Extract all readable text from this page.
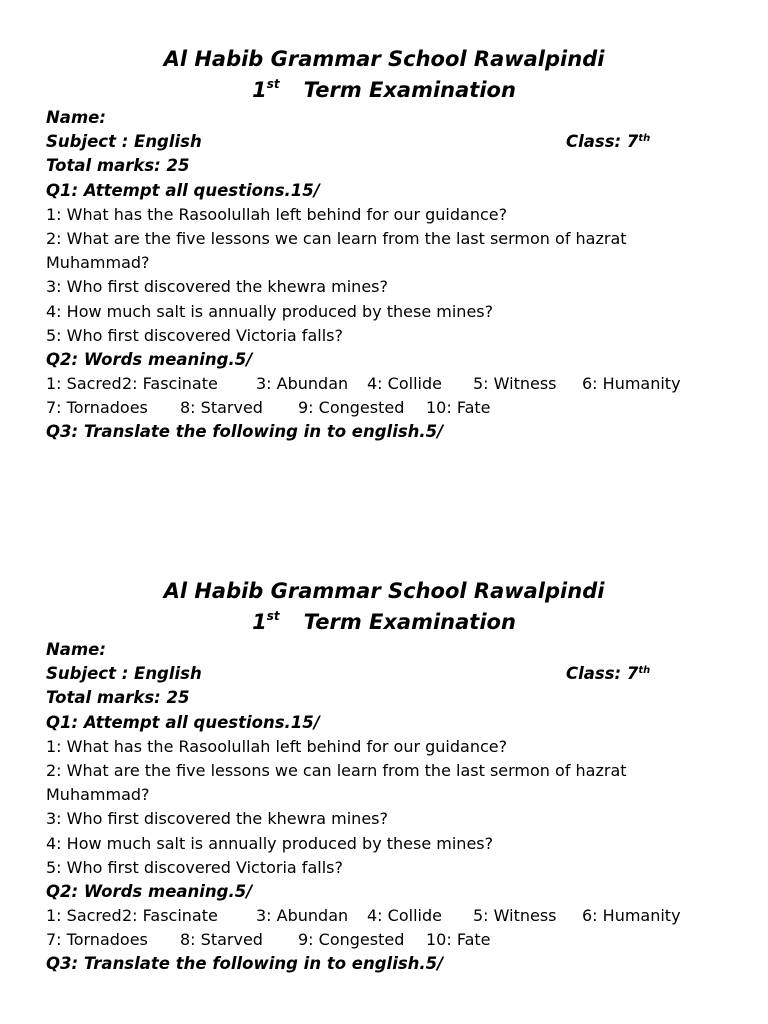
Al Habib Grammar School Rawalpindi
1st Term Examination
Name:
Subject : English	Class: 7th
Total marks: 25
Q1: Attempt all questions.15/
1: What has the Rasoolullah left behind for our guidance?
2: What are the five lessons we can learn from the last sermon of hazrat
Muhammad?
3: Who first discovered the khewra mines?
4: How much salt is annually produced by these mines?
5: Who first discovered Victoria falls?
Q2: Words meaning.5/
1: Sacred2: Fascinate 3: Abundan 4: Collide 5: Witness 6: Humanity
7: Tornadoes 8: Starved 9: Congested 10: Fate
Q3: Translate the following in to english.5/
Al Habib Grammar School Rawalpindi
1st Term Examination
Name:
Subject : English	Class: 7th
Total marks: 25
Q1: Attempt all questions.15/
1: What has the Rasoolullah left behind for our guidance?
2: What are the five lessons we can learn from the last sermon of hazrat
Muhammad?
3: Who first discovered the khewra mines?
4: How much salt is annually produced by these mines?
5: Who first discovered Victoria falls?
Q2: Words meaning.5/
1: Sacred2: Fascinate 3: Abundan 4: Collide 5: Witness 6: Humanity
7: Tornadoes 8: Starved 9: Congested 10: Fate
Q3: Translate the following in to english.5/
